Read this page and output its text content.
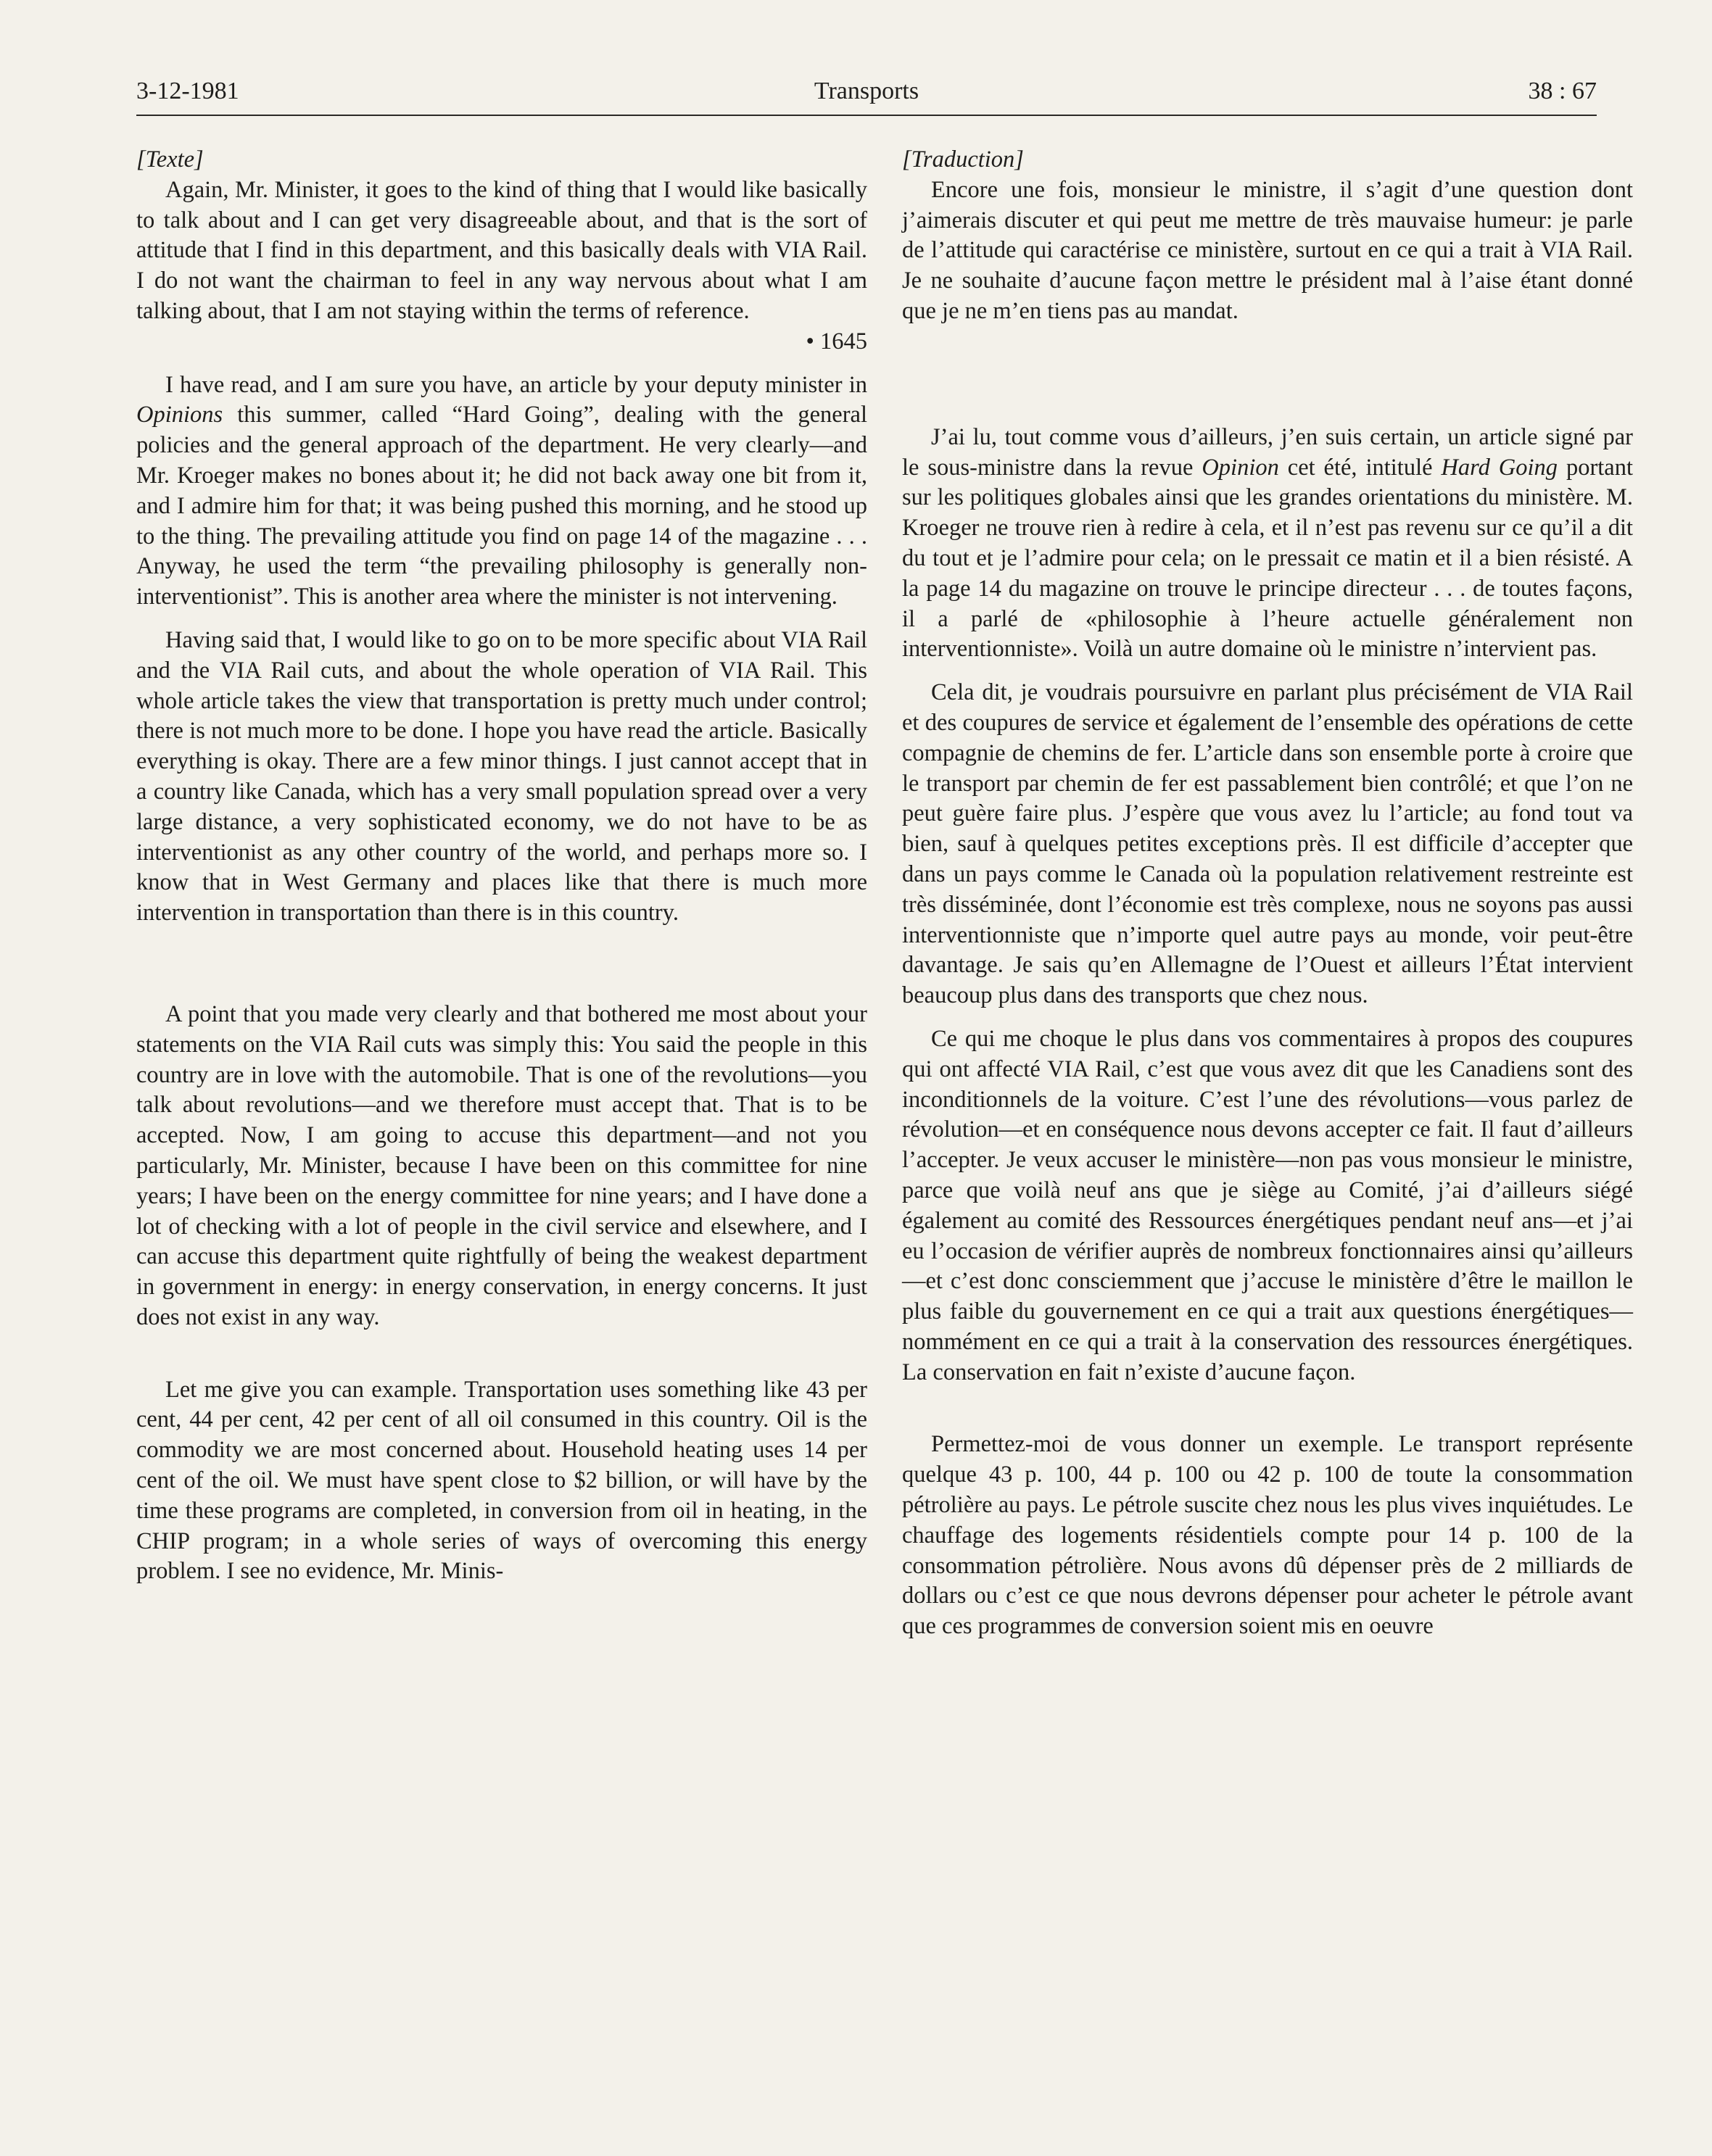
3-12-1981	Transports	38 : 67

[Texte]

Again, Mr. Minister, it goes to the kind of thing that I would like basically to talk about and I can get very disagreeable about, and that is the sort of attitude that I find in this department, and this basically deals with VIA Rail. I do not want the chairman to feel in any way nervous about what I am talking about, that I am not staying within the terms of reference.

• 1645

I have read, and I am sure you have, an article by your deputy minister in Opinions this summer, called “Hard Going”, dealing with the general policies and the general approach of the department. He very clearly—and Mr. Kroeger makes no bones about it; he did not back away one bit from it, and I admire him for that; it was being pushed this morning, and he stood up to the thing. The prevailing attitude you find on page 14 of the magazine . . . Anyway, he used the term “the prevailing philosophy is generally non-interventionist”. This is another area where the minister is not intervening.

Having said that, I would like to go on to be more specific about VIA Rail and the VIA Rail cuts, and about the whole operation of VIA Rail. This whole article takes the view that transportation is pretty much under control; there is not much more to be done. I hope you have read the article. Basically everything is okay. There are a few minor things. I just cannot accept that in a country like Canada, which has a very small population spread over a very large distance, a very sophisticated economy, we do not have to be as interventionist as any other country of the world, and perhaps more so. I know that in West Germany and places like that there is much more intervention in transportation than there is in this country.

A point that you made very clearly and that bothered me most about your statements on the VIA Rail cuts was simply this: You said the people in this country are in love with the automobile. That is one of the revolutions—you talk about revolutions—and we therefore must accept that. That is to be accepted. Now, I am going to accuse this department—and not you particularly, Mr. Minister, because I have been on this committee for nine years; I have been on the energy committee for nine years; and I have done a lot of checking with a lot of people in the civil service and elsewhere, and I can accuse this department quite rightfully of being the weakest department in government in energy: in energy conservation, in energy concerns. It just does not exist in any way.

Let me give you can example. Transportation uses something like 43 per cent, 44 per cent, 42 per cent of all oil consumed in this country. Oil is the commodity we are most concerned about. Household heating uses 14 per cent of the oil. We must have spent close to $2 billion, or will have by the time these programs are completed, in conversion from oil in heating, in the CHIP program; in a whole series of ways of overcoming this energy problem. I see no evidence, Mr. Minis-

[Traduction]

Encore une fois, monsieur le ministre, il s’agit d’une question dont j’aimerais discuter et qui peut me mettre de très mauvaise humeur: je parle de l’attitude qui caractérise ce ministère, surtout en ce qui a trait à VIA Rail. Je ne souhaite d’aucune façon mettre le président mal à l’aise étant donné que je ne m’en tiens pas au mandat.

J’ai lu, tout comme vous d’ailleurs, j’en suis certain, un article signé par le sous-ministre dans la revue Opinion cet été, intitulé Hard Going portant sur les politiques globales ainsi que les grandes orientations du ministère. M. Kroeger ne trouve rien à redire à cela, et il n’est pas revenu sur ce qu’il a dit du tout et je l’admire pour cela; on le pressait ce matin et il a bien résisté. A la page 14 du magazine on trouve le principe directeur . . . de toutes façons, il a parlé de «philosophie à l’heure actuelle généralement non interventionniste». Voilà un autre domaine où le ministre n’intervient pas.

Cela dit, je voudrais poursuivre en parlant plus précisément de VIA Rail et des coupures de service et également de l’ensemble des opérations de cette compagnie de chemins de fer. L’article dans son ensemble porte à croire que le transport par chemin de fer est passablement bien contrôlé; et que l’on ne peut guère faire plus. J’espère que vous avez lu l’article; au fond tout va bien, sauf à quelques petites exceptions près. Il est difficile d’accepter que dans un pays comme le Canada où la population relativement restreinte est très disséminée, dont l’économie est très complexe, nous ne soyons pas aussi interventionniste que n’importe quel autre pays au monde, voir peut-être davantage. Je sais qu’en Allemagne de l’Ouest et ailleurs l’État intervient beaucoup plus dans des transports que chez nous.

Ce qui me choque le plus dans vos commentaires à propos des coupures qui ont affecté VIA Rail, c’est que vous avez dit que les Canadiens sont des inconditionnels de la voiture. C’est l’une des révolutions—vous parlez de révolution—et en conséquence nous devons accepter ce fait. Il faut d’ailleurs l’accepter. Je veux accuser le ministère—non pas vous monsieur le ministre, parce que voilà neuf ans que je siège au Comité, j’ai d’ailleurs siégé également au comité des Ressources énergétiques pendant neuf ans—et j’ai eu l’occasion de vérifier auprès de nombreux fonctionnaires ainsi qu’ailleurs—et c’est donc consciemment que j’accuse le ministère d’être le maillon le plus faible du gouvernement en ce qui a trait aux questions énergétiques—nommément en ce qui a trait à la conservation des ressources énergétiques. La conservation en fait n’existe d’aucune façon.

Permettez-moi de vous donner un exemple. Le transport représente quelque 43 p. 100, 44 p. 100 ou 42 p. 100 de toute la consommation pétrolière au pays. Le pétrole suscite chez nous les plus vives inquiétudes. Le chauffage des logements résidentiels compte pour 14 p. 100 de la consommation pétrolière. Nous avons dû dépenser près de 2 milliards de dollars ou c’est ce que nous devrons dépenser pour acheter le pétrole avant que ces programmes de conversion soient mis en oeuvre
